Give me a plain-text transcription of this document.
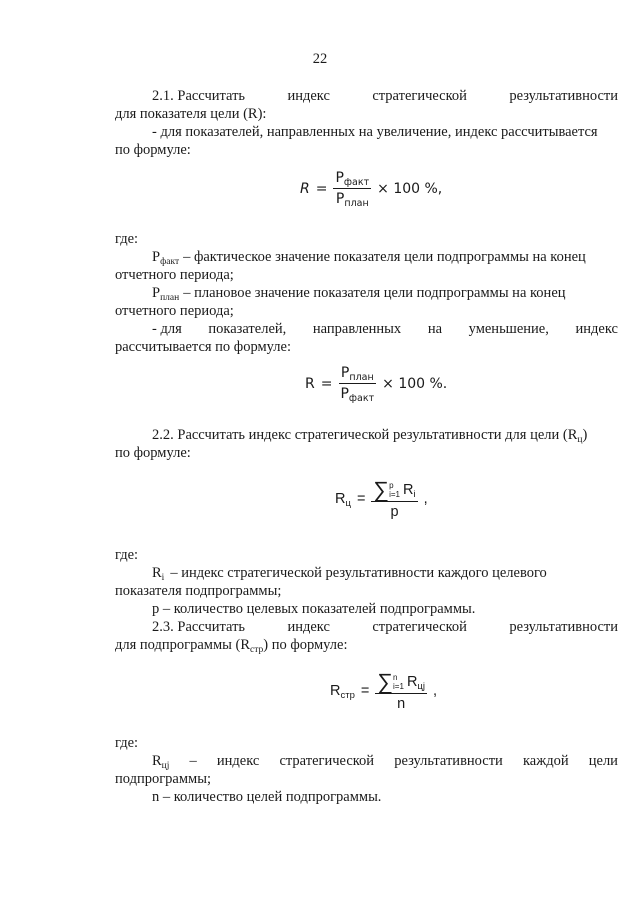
22
2.1. Рассчитать	индекс	стратегической	результативности
для показателя цели (R):
- для показателей, направленных на увеличение, индекс рассчитывается
по формуле:
$R = \frac{P_{факт}}{P_{план}} \times 100$ %,
где:
$P_{факт}$ – фактическое значение показателя цели подпрограммы на конец
отчетного периода;
$P_{план}$ – плановое значение показателя цели подпрограммы на конец
отчетного периода;
- для показателей, направленных на уменьшение, индекс
рассчитывается по формуле:
$R = \frac{P_{план}}{P_{факт}} \times 100$ %.
2.2. Рассчитать индекс стратегической результативности для цели $(R_ц)$
по формуле:
$R_ц$ = ∑ p
i=1 $R_i$
p ,
где:
$R_i$ – индекс стратегической результативности каждого целевого
показателя подпрограммы;
p – количество целевых показателей подпрограммы.
2.3. Рассчитать	индекс	стратегической	результативности
для подпрограммы $(R_{стр})$ по формуле:
$R_{стр}$ = ∑ n
i=1 $R_{цj}$
n ,
где:
$R_{цj}$ – индекс стратегической результативности каждой цели
подпрограммы;
n – количество целей подпрограммы.
